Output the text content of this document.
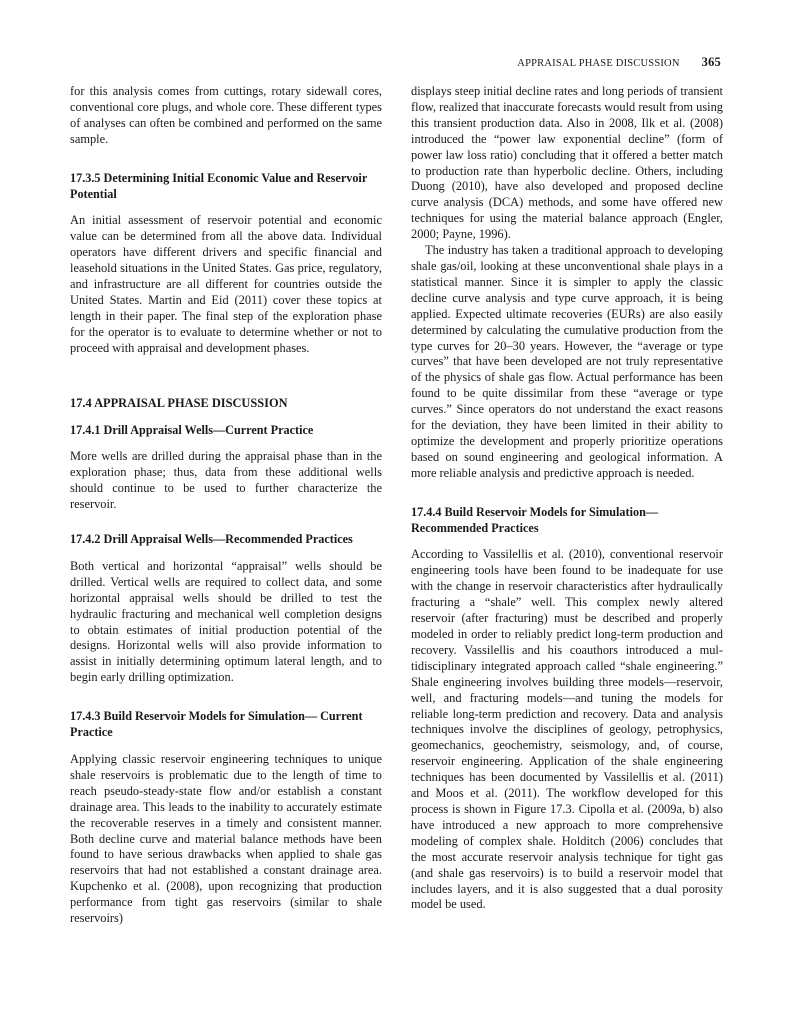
APPRAISAL PHASE DISCUSSION 365

for this analysis comes from cuttings, rotary sidewall cores, conventional core plugs, and whole core. These different types of analyses can often be combined and performed on the same sample.

17.3.5 Determining Initial Economic Value and Reservoir Potential

An initial assessment of reservoir potential and economic value can be determined from all the above data. Individual operators have different drivers and specific financial and leasehold situations in the United States. Gas price, regulatory, and infrastructure are all different for countries outside the United States. Martin and Eid (2011) cover these topics at length in their paper. The final step of the exploration phase for the operator is to evaluate to determine whether or not to proceed with appraisal and development phases.

17.4 APPRAISAL PHASE DISCUSSION
17.4.1 Drill Appraisal Wells—Current Practice

More wells are drilled during the appraisal phase than in the exploration phase; thus, data from these additional wells should continue to be used to further characterize the reservoir.

17.4.2 Drill Appraisal Wells—Recommended Practices

Both vertical and horizontal “appraisal” wells should be drilled. Vertical wells are required to collect data, and some horizontal appraisal wells should be drilled to test the hydraulic fracturing and mechanical well completion designs to obtain estimates of initial production potential of the designs. Horizontal wells will also provide information to assist in initially determining optimum lateral length, and to begin early drilling optimization.

17.4.3 Build Reservoir Models for Simulation— Current Practice

Applying classic reservoir engineering techniques to unique shale reservoirs is problematic due to the length of time to reach pseudo-steady-state flow and/or establish a constant drainage area. This leads to the inability to accurately estimate the recoverable reserves in a timely and consistent manner. Both decline curve and material balance methods have been found to have serious drawbacks when applied to shale gas reservoirs that had not established a constant drainage area. Kupchenko et al. (2008), upon recognizing that production performance from tight gas reservoirs (similar to shale reservoirs)

displays steep initial decline rates and long periods of transient flow, realized that inaccurate forecasts would result from using this transient production data. Also in 2008, Ilk et al. (2008) introduced the “power law exponential decline” (form of power law loss ratio) concluding that it offered a better match to production rate than hyperbolic decline. Others, including Duong (2010), have also developed and proposed decline curve analysis (DCA) methods, and some have offered new techniques for using the material balance approach (Engler, 2000; Payne, 1996).

The industry has taken a traditional approach to developing shale gas/oil, looking at these unconventional shale plays in a statistical manner. Since it is simpler to apply the classic decline curve analysis and type curve approach, it is being applied. Expected ultimate recoveries (EURs) are also easily determined by calculating the cumulative production from the type curves for 20–30 years. However, the “average or type curves” that have been developed are not truly representative of the physics of shale gas flow. Actual performance has been found to be quite dissimilar from these “average or type curves.” Since operators do not understand the exact reasons for the deviation, they have been limited in their ability to optimize the development and properly prioritize operations based on sound engineering and geological information. A more reliable analysis and predictive approach is needed.

17.4.4 Build Reservoir Models for Simulation—Recommended Practices

According to Vassilellis et al. (2010), conventional reservoir engineering tools have been found to be inadequate for use with the change in reservoir characteristics after hydraulically fracturing a “shale” well. This complex newly altered reservoir (after fracturing) must be described and properly modeled in order to reliably predict long-term production and recovery. Vassilellis and his coauthors introduced a multidisciplinary integrated approach called “shale engineering.” Shale engineering involves building three models—reservoir, well, and fracturing models—and tuning the models for reliable long-term prediction and recovery. Data and analysis techniques involve the disciplines of geology, petrophysics, geomechanics, geochemistry, seismology, and, of course, reservoir engineering. Application of the shale engineering techniques has been documented by Vassilellis et al. (2011) and Moos et al. (2011). The workflow developed for this process is shown in Figure 17.3. Cipolla et al. (2009a, b) also have introduced a new approach to more comprehensive modeling of complex shale. Holditch (2006) concludes that the most accurate reservoir analysis technique for tight gas (and shale gas reservoirs) is to build a reservoir model that includes layers, and it is also suggested that a dual porosity model be used.
